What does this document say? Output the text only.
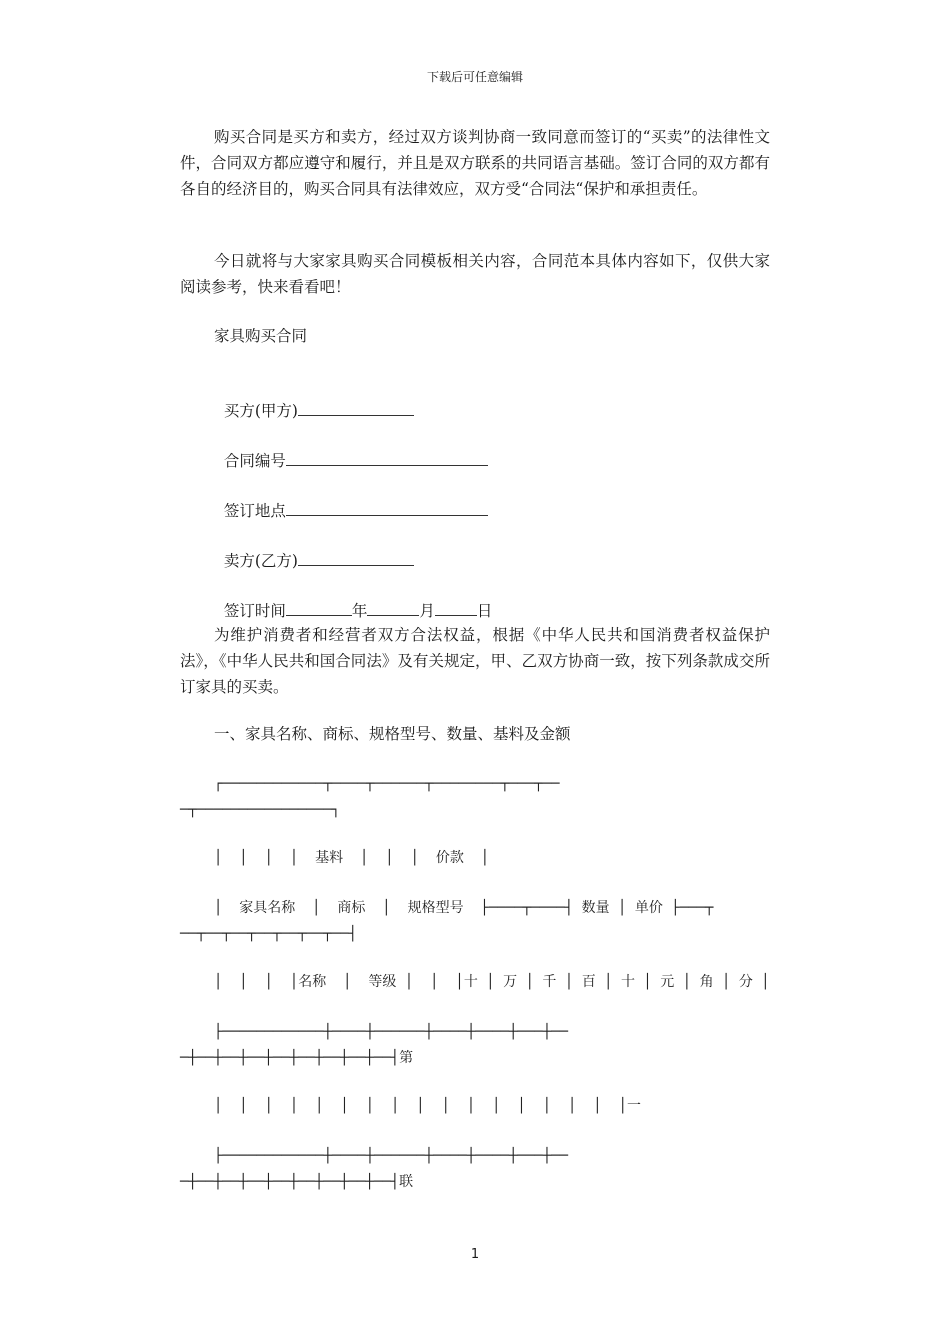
下载后可任意编辑

购买合同是买方和卖方，经过双方谈判协商一致同意而签订的“买卖”的法律性文件，合同双方都应遵守和履行，并且是双方联系的共同语言基础。签订合同的双方都有各自的经济目的，购买合同具有法律效应，双方受“合同法“保护和承担责任。

今日就将与大家家具购买合同模板相关内容，合同范本具体内容如下，仅供大家阅读参考，快来看看吧！

家具购买合同

买方(甲方)

合同编号

签订地点

卖方(乙方)

签订时间	年	月	日

为维护消费者和经营者双方合法权益，根据《中华人民共和国消费者权益保护法》，《中华人民共和国合同法》及有关规定，甲、乙双方协商一致，按下列条款成交所订家具的买卖。

一、家具名称、商标、规格型号、数量、基料及金额
┌────────────┬────┬──────┬────────┬───┬──
─┬────────────────┐
│  │  │  │  基料  │  │  │  价款  │
│  家具名称  │  商标  │  规格型号  ├────┬────┤ 数量 │ 单价 ├───┬
──┬──┬──┬──┬──┬──┬──┤
│  │  │  │名称  │  等级 │  │  │十 │ 万 │ 千 │ 百 │ 十 │ 元 │ 角 │ 分 │
├────────────┼────┼──────┼────┼────┼───┼──
─┼──┼──┼──┼──┼──┼──┼──┼──┤第
│  │  │  │  │  │  │  │  │  │  │  │  │  │  │  │  │一
├────────────┼────┼──────┼────┼────┼───┼──
─┼──┼──┼──┼──┼──┼──┼──┼──┤联
1
